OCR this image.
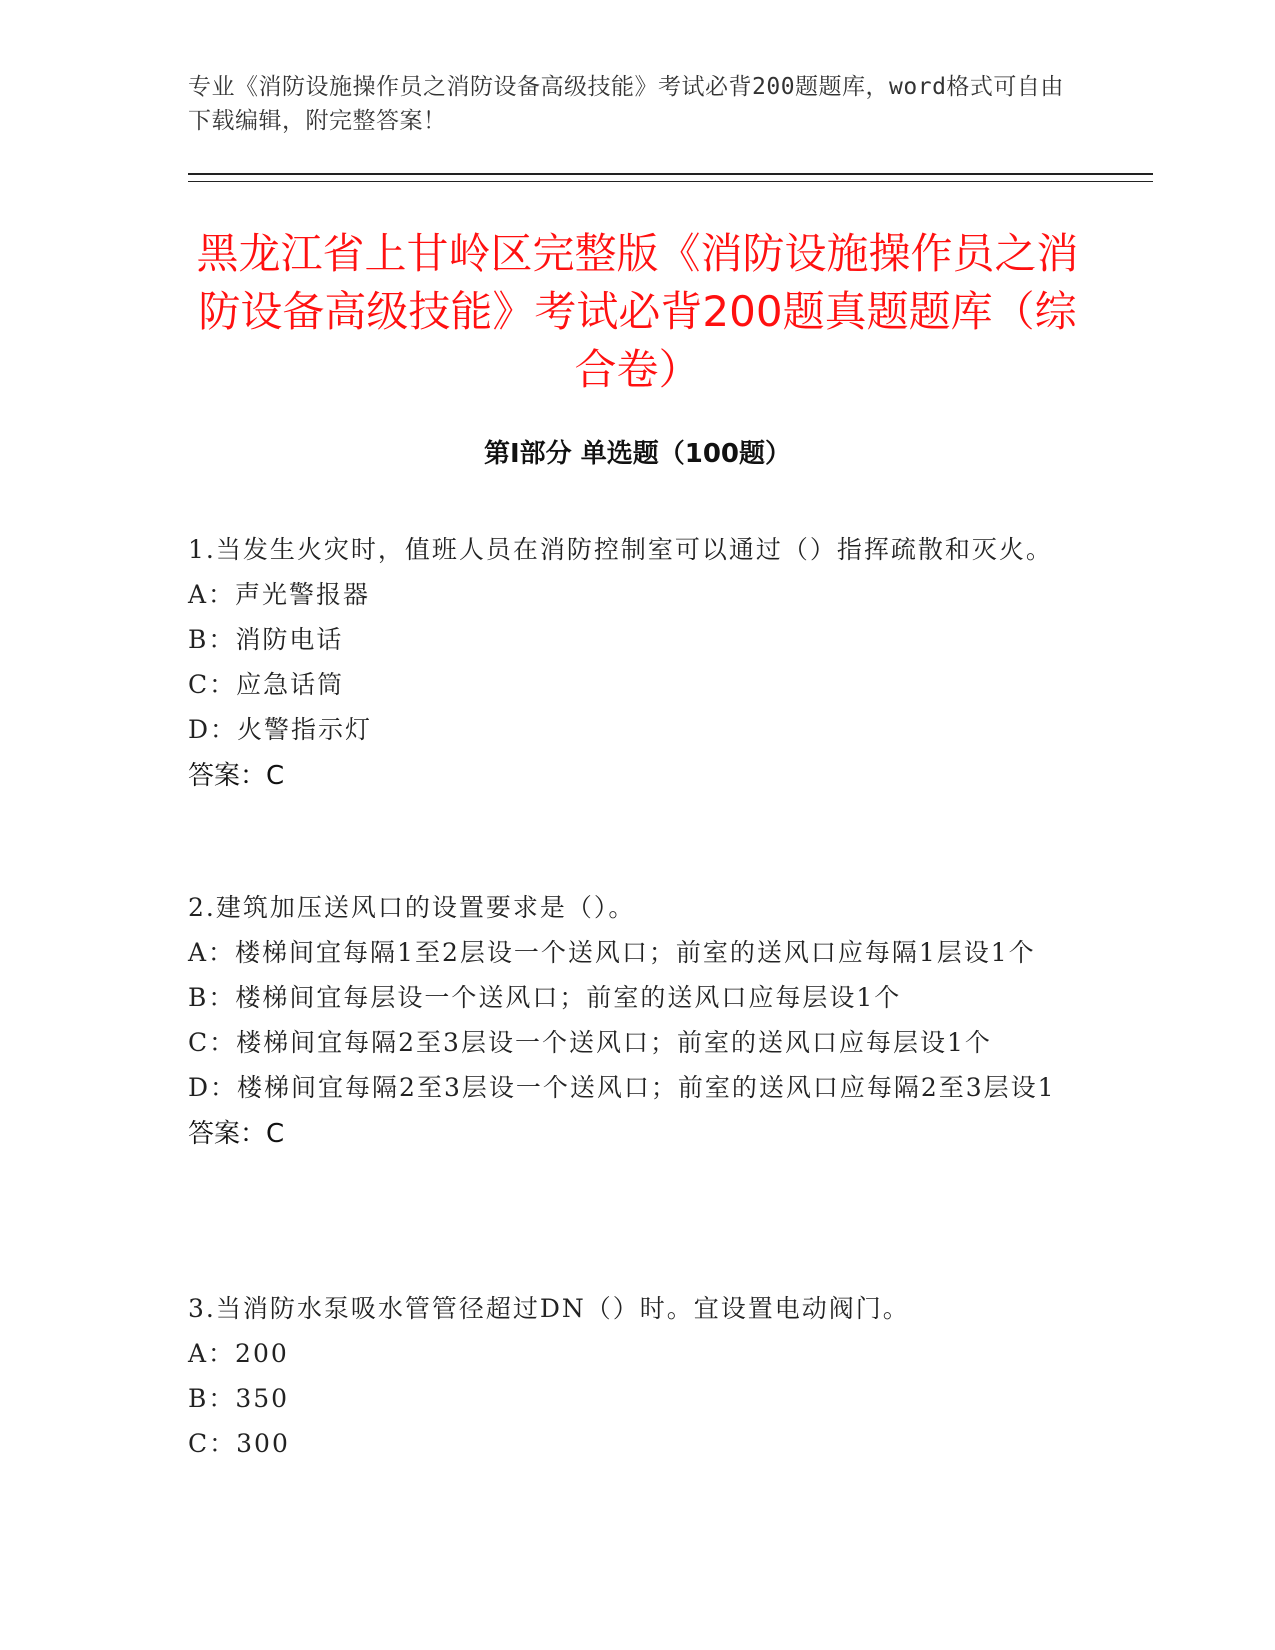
专业《消防设施操作员之消防设备高级技能》考试必背200题题库，word格式可自由下载编辑，附完整答案！
黑龙江省上甘岭区完整版《消防设施操作员之消防设备高级技能》考试必背200题真题题库（综合卷）
第Ⅰ部分 单选题（100题）
1.当发生火灾时，值班人员在消防控制室可以通过（）指挥疏散和灭火。
A：声光警报器
B：消防电话
C：应急话筒
D：火警指示灯
答案：C
2.建筑加压送风口的设置要求是（）。
A：楼梯间宜每隔1至2层设一个送风口；前室的送风口应每隔1层设1个
B：楼梯间宜每层设一个送风口；前室的送风口应每层设1个
C：楼梯间宜每隔2至3层设一个送风口；前室的送风口应每层设1个
D：楼梯间宜每隔2至3层设一个送风口；前室的送风口应每隔2至3层设1
答案：C
3.当消防水泵吸水管管径超过DN（）时。宜设置电动阀门。
A：200
B：350
C：300
